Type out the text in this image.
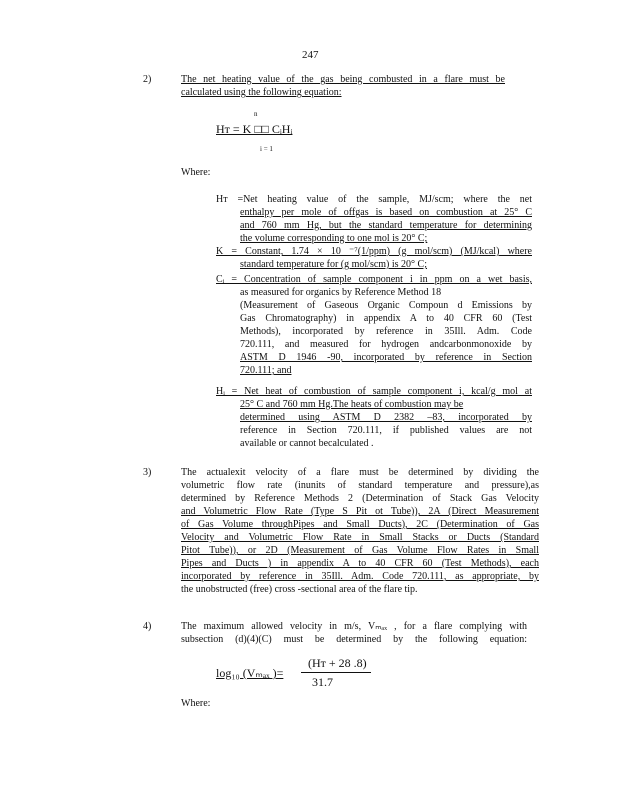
247
2)	The net heating value of the gas being combusted in a flare must be
calculated using the following equation:
n
Hᴛ = K □□ CᵢHᵢ
i = 1
Where:
Hᴛ =Net heating value of the sample, MJ/scm; where the net
enthalpy per mole of offgas is based on combustion at 25° C
and 760 mm Hg, but the standard temperature for determining
the volume corresponding to one mol is 20° C;
K = Constant, 1.74 × 10 ⁻⁷(1/ppm) (g mol/scm) (MJ/kcal) where
standard temperature for (g mol/scm) is 20° C;
Cᵢ = Concentration of sample component i in ppm on a wet basis,
as measured for organics by Reference Method 18
(Measurement of Gaseous Organic Compoun d Emissions by
Gas Chromatography) in appendix A to 40 CFR 60 (Test
Methods), incorporated by reference in 35Ill. Adm. Code
720.111, and measured for hydrogen andcarbonmonoxide by
ASTM D 1946 -90, incorporated by reference in Section
720.111; and
Hᵢ = Net heat of combustion of sample component i, kcal/g mol at
25° C and 760 mm Hg.The heats of combustion may be
determined using ASTM D 2382 –83, incorporated by
reference in Section 720.111, if published values are not
available or cannot becalculated .
3)	The actualexit velocity of a flare must be determined by dividing the
volumetric flow rate (inunits of standard temperature and pressure),as
determined by Reference Methods 2 (Determination of Stack Gas Velocity
and Volumetric Flow Rate (Type S Pit ot Tube)), 2A (Direct Measurement
of Gas Volume throughPipes and Small Ducts), 2C (Determination of Gas
Velocity and Volumetric Flow Rate in Small Stacks or Ducts (Standard
Pitot Tube)), or 2D (Measurement of Gas Volume Flow Rates in Small
Pipes and Ducts ) in appendix A to 40 CFR 60 (Test Methods), each
incorporated by reference in 35Ill. Adm. Code 720.111, as appropriate, by
the unobstructed (free) cross -sectional area of the flare tip.
4)	The maximum allowed velocity in m/s, Vₘₐₓ , for a flare complying with
subsection (d)(4)(C) must be determined by the following equation:
log₁₀ (Vₘₐₓ )=
(Hᴛ + 28 .8)
31.7
Where:
